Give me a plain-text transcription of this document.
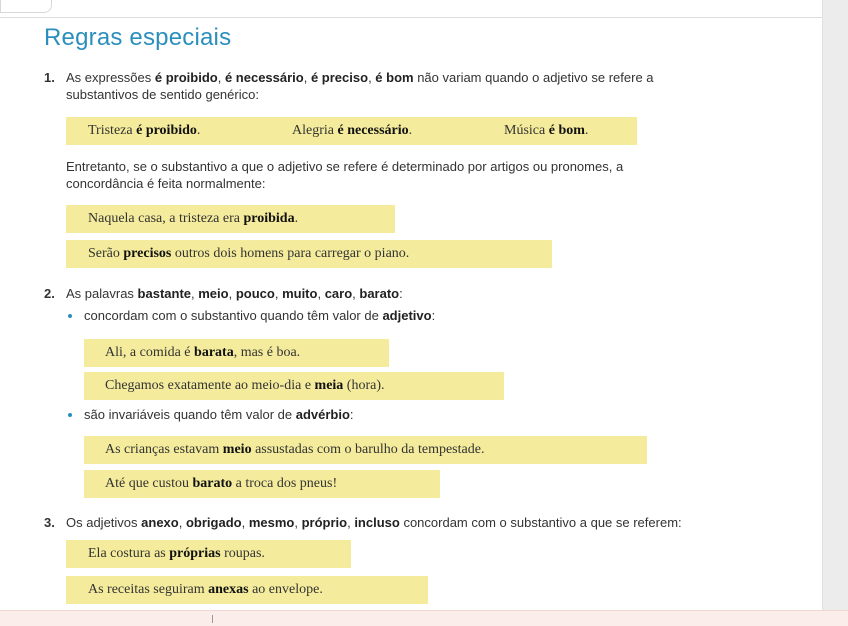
Regras especiais
1. As expressões é proibido, é necessário, é preciso, é bom não variam quando o adjetivo se refere a
substantivos de sentido genérico:
Tristeza é proibido.	Alegria é necessário.	Música é bom.
Entretanto, se o substantivo a que o adjetivo se refere é determinado por artigos ou pronomes, a
concordância é feita normalmente:
Naquela casa, a tristeza era proibida.
Serão precisos outros dois homens para carregar o piano.
2. As palavras bastante, meio, pouco, muito, caro, barato:
concordam com o substantivo quando têm valor de adjetivo:
Ali, a comida é barata, mas é boa.
Chegamos exatamente ao meio-dia e meia (hora).
são invariáveis quando têm valor de advérbio:
As crianças estavam meio assustadas com o barulho da tempestade.
Até que custou barato a troca dos pneus!
3. Os adjetivos anexo, obrigado, mesmo, próprio, incluso concordam com o substantivo a que se referem:
Ela costura as próprias roupas.
As receitas seguiram anexas ao envelope.
